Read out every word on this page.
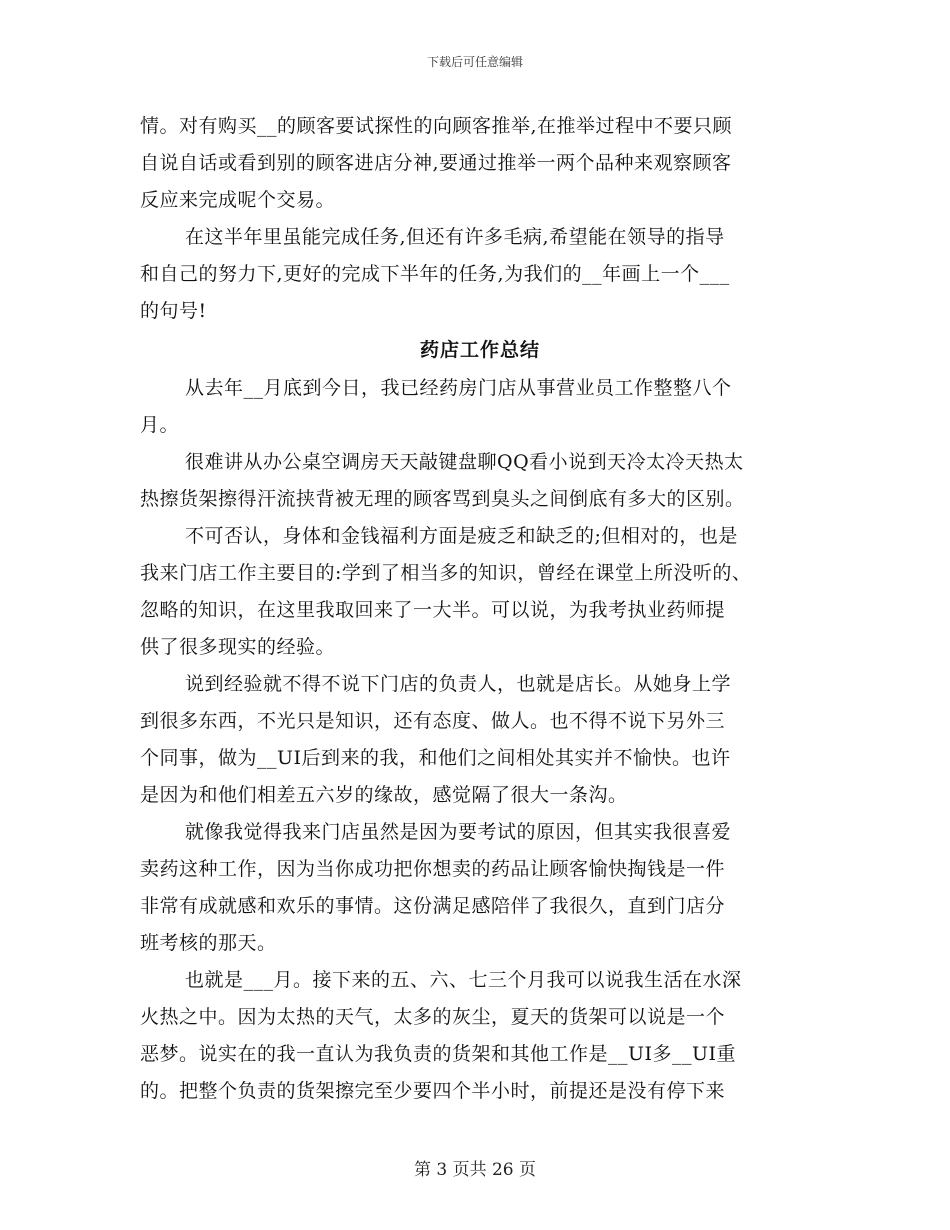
下载后可任意编辑
情。对有购买__的顾客要试探性的向顾客推举,在推举过程中不要只顾
自说自话或看到别的顾客进店分神,要通过推举一两个品种来观察顾客
反应来完成呢个交易。
在这半年里虽能完成任务,但还有许多毛病,希望能在领导的指导
和自己的努力下,更好的完成下半年的任务,为我们的__年画上一个___
的句号!
药店工作总结
从去年__月底到今日，我已经药房门店从事营业员工作整整八个
月。
很难讲从办公桌空调房天天敲键盘聊QQ看小说到天冷太冷天热太
热擦货架擦得汗流挟背被无理的顾客骂到臭头之间倒底有多大的区别。
不可否认，身体和金钱福利方面是疲乏和缺乏的;但相对的，也是
我来门店工作主要目的:学到了相当多的知识，曾经在课堂上所没听的、
忽略的知识，在这里我取回来了一大半。可以说，为我考执业药师提
供了很多现实的经验。
说到经验就不得不说下门店的负责人，也就是店长。从她身上学
到很多东西，不光只是知识，还有态度、做人。也不得不说下另外三
个同事，做为__UI后到来的我，和他们之间相处其实并不愉快。也许
是因为和他们相差五六岁的缘故，感觉隔了很大一条沟。
就像我觉得我来门店虽然是因为要考试的原因，但其实我很喜爱
卖药这种工作，因为当你成功把你想卖的药品让顾客愉快掏钱是一件
非常有成就感和欢乐的事情。这份满足感陪伴了我很久，直到门店分
班考核的那天。
也就是___月。接下来的五、六、七三个月我可以说我生活在水深
火热之中。因为太热的天气，太多的灰尘，夏天的货架可以说是一个
恶梦。说实在的我一直认为我负责的货架和其他工作是__UI多__UI重
的。把整个负责的货架擦完至少要四个半小时，前提还是没有停下来
第 3 页共 26 页
